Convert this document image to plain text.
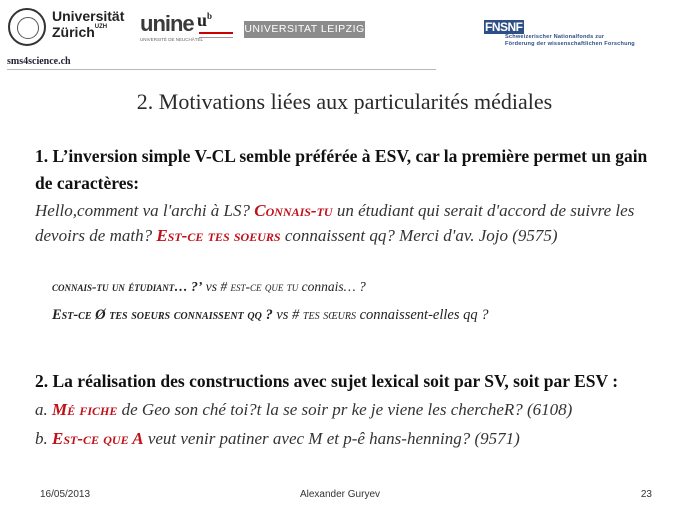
Universität
Zürich$^{UZH}$ unine
UNIVERSITÉ DE NEUCHÂTEL
$u^b$
UNIVERSITAT LEIPZIG	FNSNF
Schweizerischer Nationalfonds zur
Förderung der wissenschaftlichen Forschung
sms4science.ch
2. Motivations liées aux particularités médiales
1. L’inversion simple V-CL semble préférée à ESV, car la première permet un gain de caractères:
Hello,comment va l'archi à LS? Connais-tu un étudiant qui serait d'accord de suivre les devoirs de math? Est-ce tes soeurs connaissent qq? Merci d'av. Jojo (9575)
connais-tu un étudiant… ?’ vs # est-ce que tu connais… ?
Est-ce Ø tes soeurs connaissent qq ? vs # tes sœurs connaissent-elles qq ?
2. La réalisation des constructions avec sujet lexical soit par SV, soit par ESV :
a. Mé fiche de Geo son ché toi?t la se soir pr ke je viene les chercheR? (6108)
b. Est-ce que A veut venir patiner avec M et p-ê hans-henning? (9571)
16/05/2013	Alexander Guryev	23
